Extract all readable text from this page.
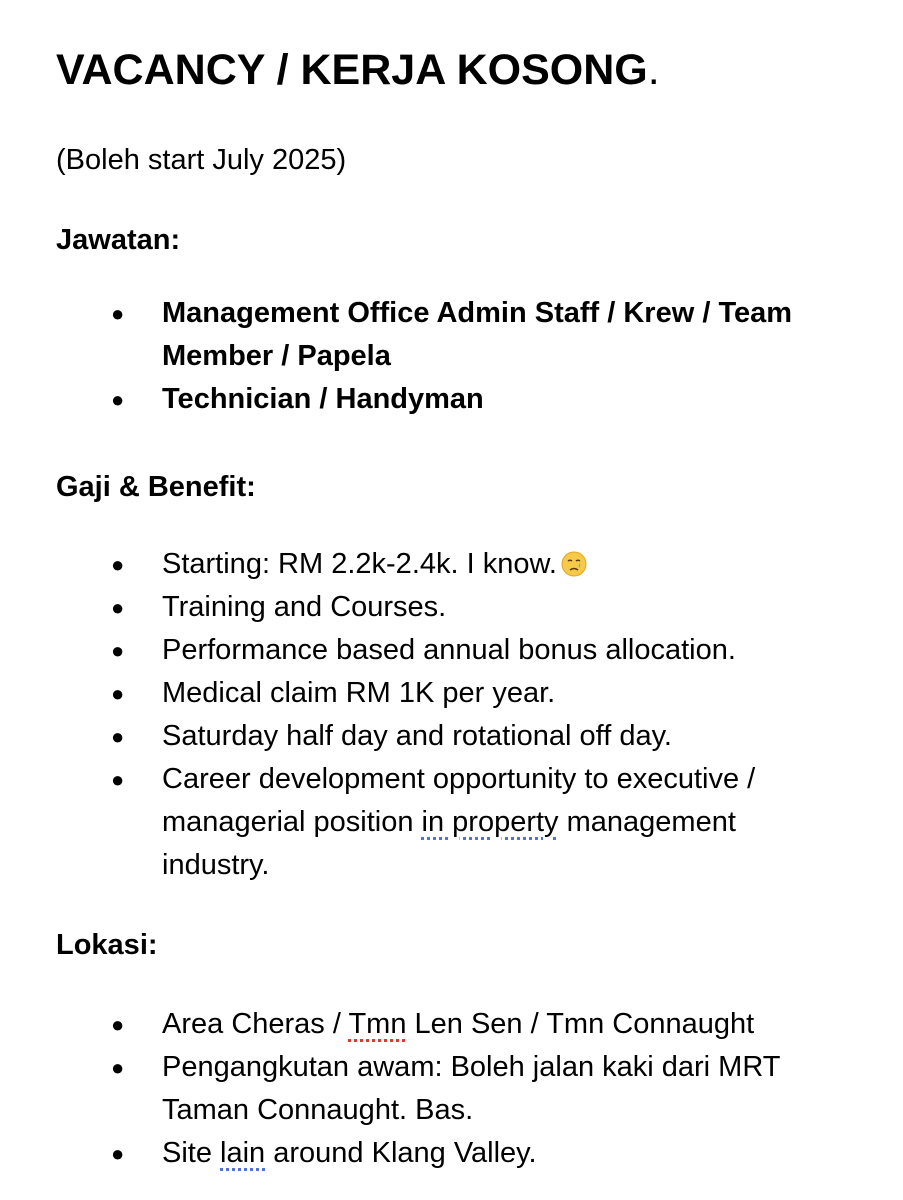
VACANCY / KERJA KOSONG.

(Boleh start July 2025)

Jawatan:
● Management Office Admin Staff / Krew / Team Member / Papela
● Technician / Handyman
Gaji & Benefit:
● Starting: RM 2.2k-2.4k. I know.
● Training and Courses.
● Performance based annual bonus allocation.
● Medical claim RM 1K per year.
● Saturday half day and rotational off day.
● Career development opportunity to executive / managerial position in property management industry.
Lokasi:
● Area Cheras / Tmn Len Sen / Tmn Connaught
● Pengangkutan awam: Boleh jalan kaki dari MRT Taman Connaught. Bas.
● Site lain around Klang Valley.
